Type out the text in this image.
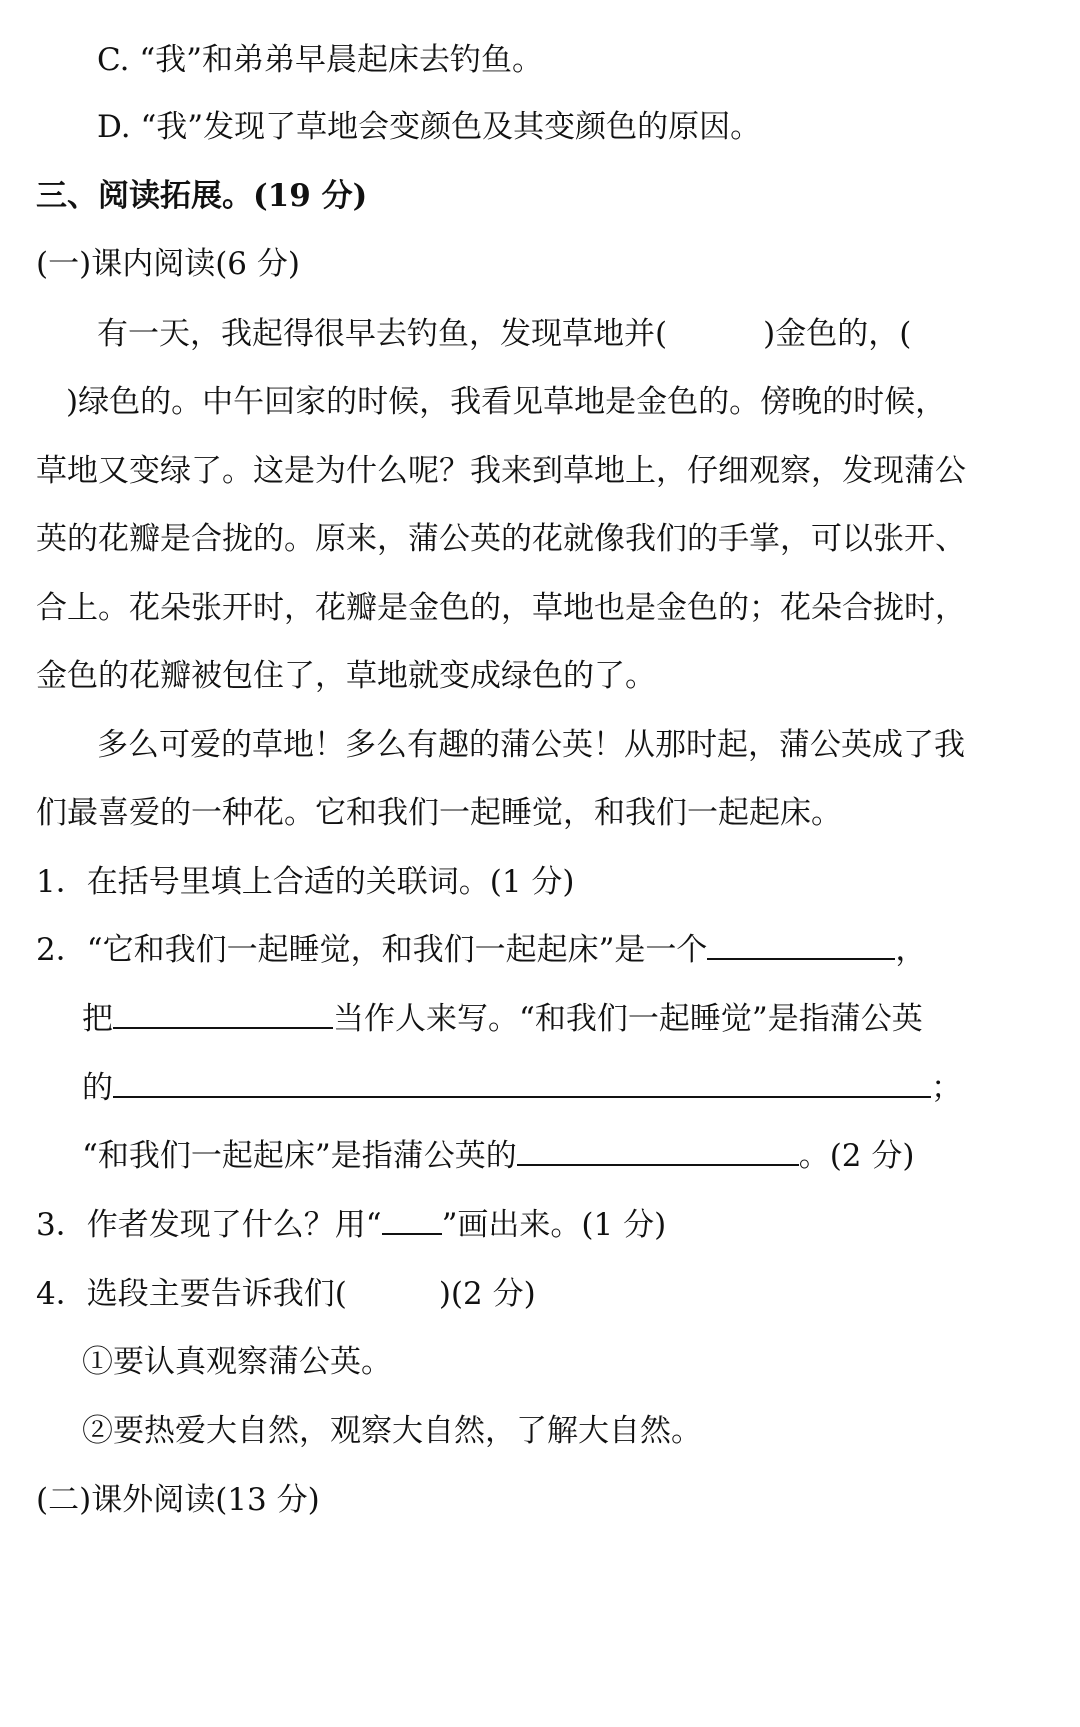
C. “我”和弟弟早晨起床去钓鱼。
D. “我”发现了草地会变颜色及其变颜色的原因。
三、阅读拓展。(19 分)
(一)课内阅读(6 分)
有一天，我起得很早去钓鱼，发现草地并(	)金色的，(
)绿色的。中午回家的时候，我看见草地是金色的。傍晚的时候，
草地又变绿了。这是为什么呢？我来到草地上，仔细观察，发现蒲公
英的花瓣是合拢的。原来，蒲公英的花就像我们的手掌，可以张开、
合上。花朵张开时，花瓣是金色的，草地也是金色的；花朵合拢时，
金色的花瓣被包住了，草地就变成绿色的了。
多么可爱的草地！多么有趣的蒲公英！从那时起，蒲公英成了我
们最喜爱的一种花。它和我们一起睡觉，和我们一起起床。
1．在括号里填上合适的关联词。(1 分)
2．“它和我们一起睡觉，和我们一起起床”是一个	，
把	当作人来写。“和我们一起睡觉”是指蒲公英
的	；
“和我们一起起床”是指蒲公英的	。(2 分)
3．作者发现了什么？用“ ”画出来。(1 分)
4．选段主要告诉我们(	)(2 分)
①要认真观察蒲公英。
②要热爱大自然，观察大自然，了解大自然。
(二)课外阅读(13 分)
